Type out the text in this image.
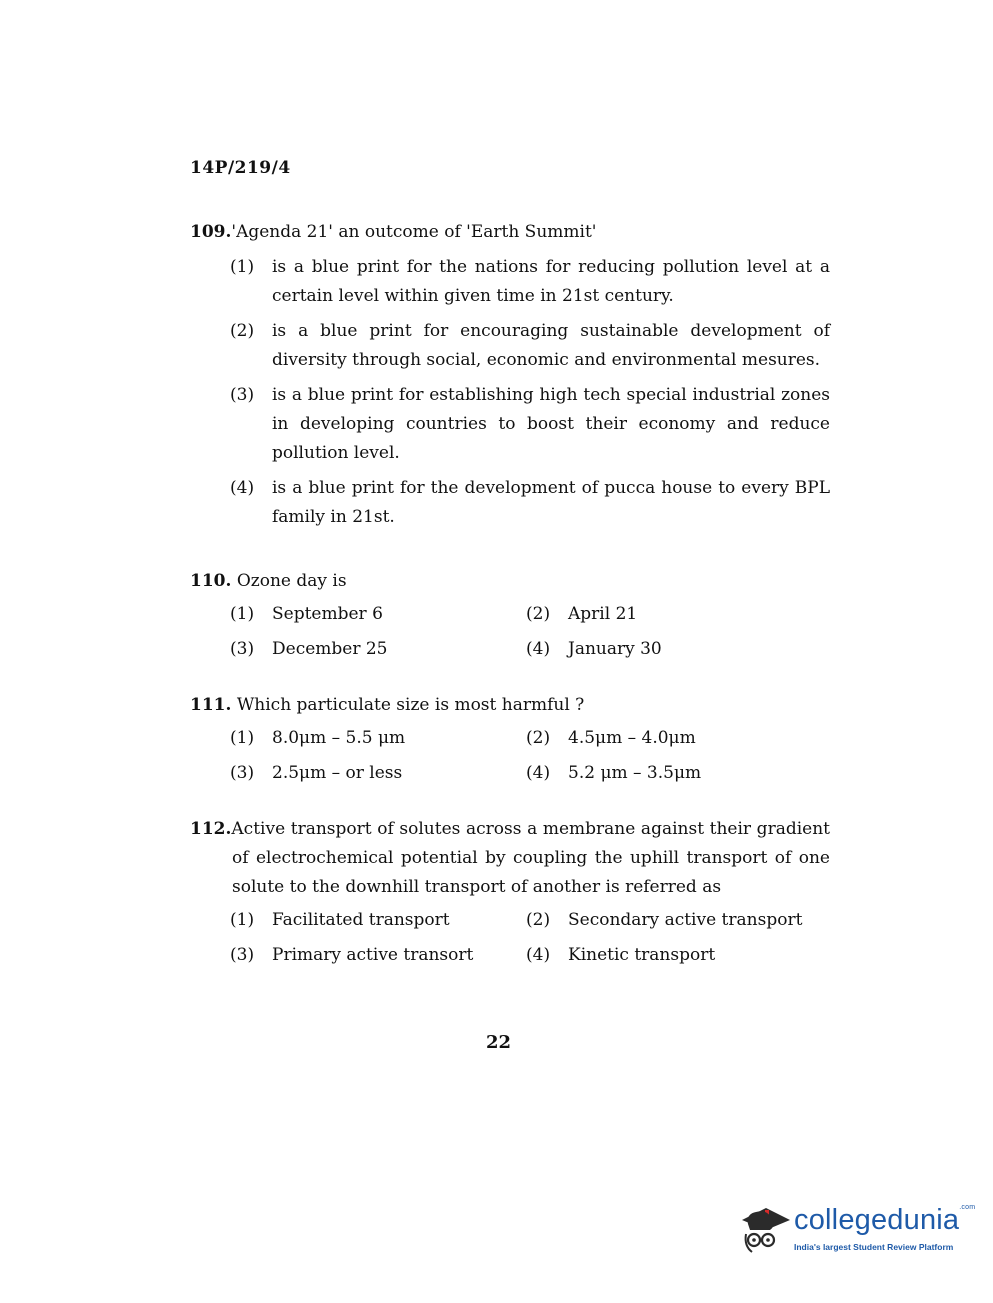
14P/219/4
109.'Agenda 21' an outcome of 'Earth Summit'
(1)	is a blue print for the nations for reducing pollution level at a certain level within given time in 21st century.
(2)	is a blue print for encouraging sustainable development of diversity through social, economic and environmental mesures.
(3)	is a blue print for establishing high tech special industrial zones in developing countries to boost their economy and reduce pollution level.
(4)	is a blue print for the development of pucca house to every BPL family in 21st.
110. Ozone day is
(1)	September 6	(2)	April 21
(3)	December 25	(4)	January 30
111. Which particulate size is most harmful ?
(1)	8.0μm – 5.5 μm	(2)	4.5μm – 4.0μm
(3)	2.5μm – or less	(4)	5.2 μm – 3.5μm
112.Active transport of solutes across a membrane against their gradient of electrochemical potential by coupling the uphill transport of one solute to the downhill transport of another is referred as
(1)	Facilitated transport	(2)	Secondary active transport
(3)	Primary active transort	(4)	Kinetic transport
22
collegedunia$^{.com}$
India's largest Student Review Platform
